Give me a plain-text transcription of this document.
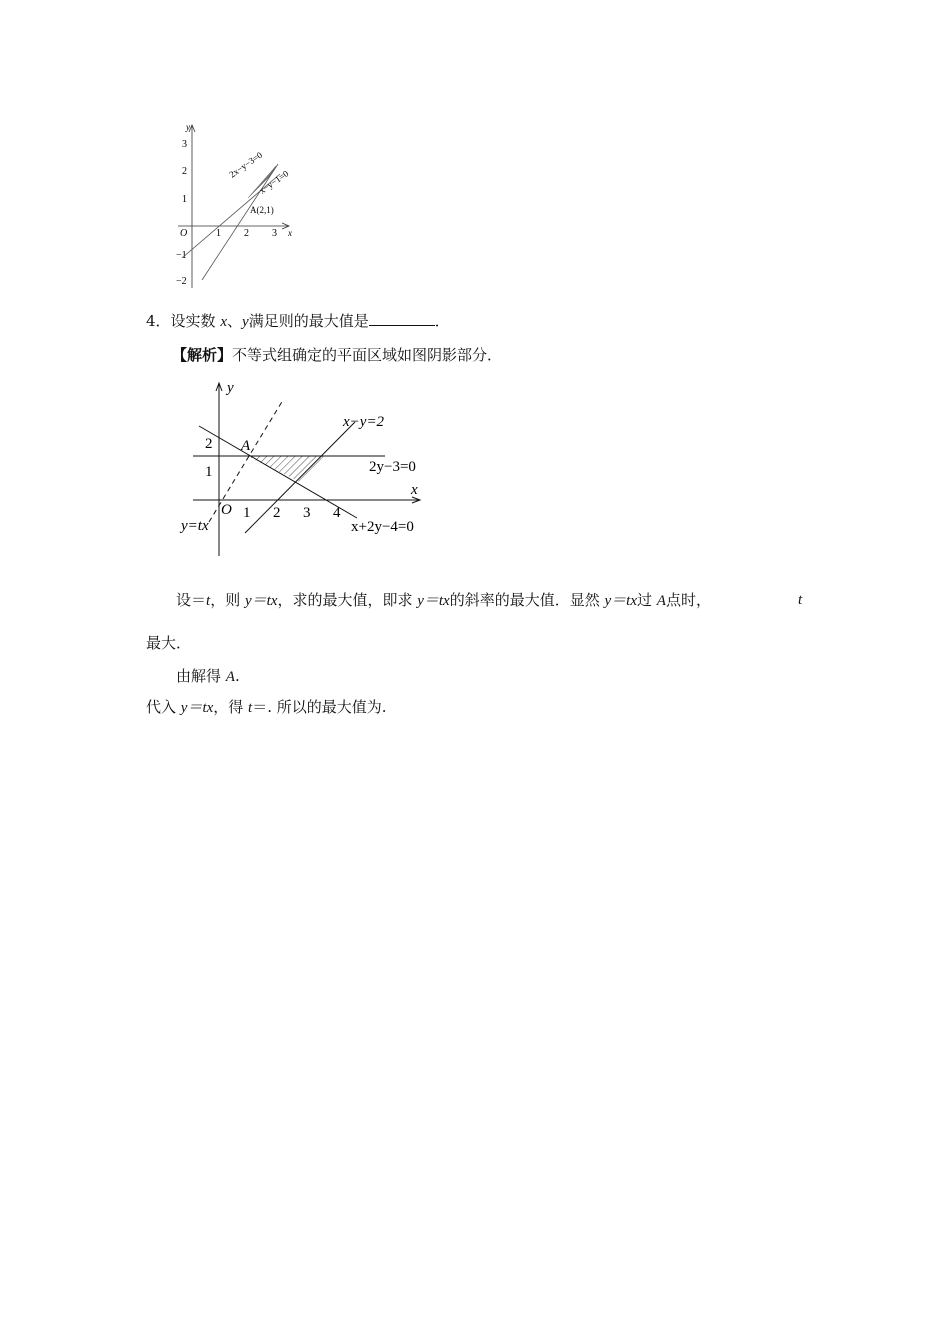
y
x
O
3
2
1
−1
−2
1 2 3
2x−y−3=0
x−y−1=0
A(2,1)
4．设实数 x、y满足则的最大值是	．
【解析】不等式组确定的平面区域如图阴影部分．
y
x
O
2
1
1 2 3 4
A
x−y=2
2y−3=0
x+2y−4=0
y=tx
设＝t，则 y＝tx，求的最大值，即求 y＝tx的斜率的最大值．显然 y＝tx过 A点时，	t
最大．
由解得 A.
代入 y＝tx，得 t＝. 所以的最大值为.
